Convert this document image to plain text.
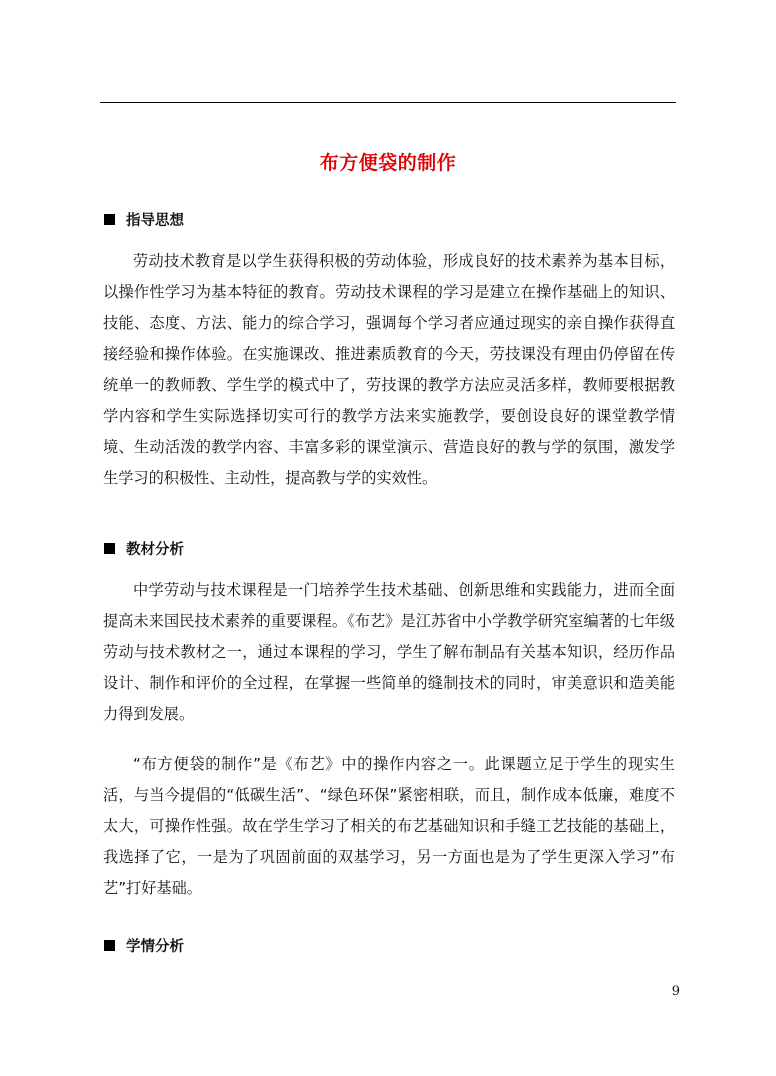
布方便袋的制作
指导思想
劳动技术教育是以学生获得积极的劳动体验，形成良好的技术素养为基本目标，以操作性学习为基本特征的教育。劳动技术课程的学习是建立在操作基础上的知识、技能、态度、方法、能力的综合学习，强调每个学习者应通过现实的亲自操作获得直接经验和操作体验。在实施课改、推进素质教育的今天，劳技课没有理由仍停留在传统单一的教师教、学生学的模式中了，劳技课的教学方法应灵活多样，教师要根据教学内容和学生实际选择切实可行的教学方法来实施教学，要创设良好的课堂教学情境、生动活泼的教学内容、丰富多彩的课堂演示、营造良好的教与学的氛围，激发学生学习的积极性、主动性，提高教与学的实效性。
教材分析
中学劳动与技术课程是一门培养学生技术基础、创新思维和实践能力，进而全面提高未来国民技术素养的重要课程。《布艺》是江苏省中小学教学研究室编著的七年级劳动与技术教材之一，通过本课程的学习，学生了解布制品有关基本知识，经历作品设计、制作和评价的全过程，在掌握一些简单的缝制技术的同时，审美意识和造美能力得到发展。
“布方便袋的制作”是《布艺》中的操作内容之一。此课题立足于学生的现实生活，与当今提倡的“低碳生活”、“绿色环保”紧密相联，而且，制作成本低廉，难度不太大，可操作性强。故在学生学习了相关的布艺基础知识和手缝工艺技能的基础上，我选择了它，一是为了巩固前面的双基学习，另一方面也是为了学生更深入学习”布艺”打好基础。
学情分析
9
